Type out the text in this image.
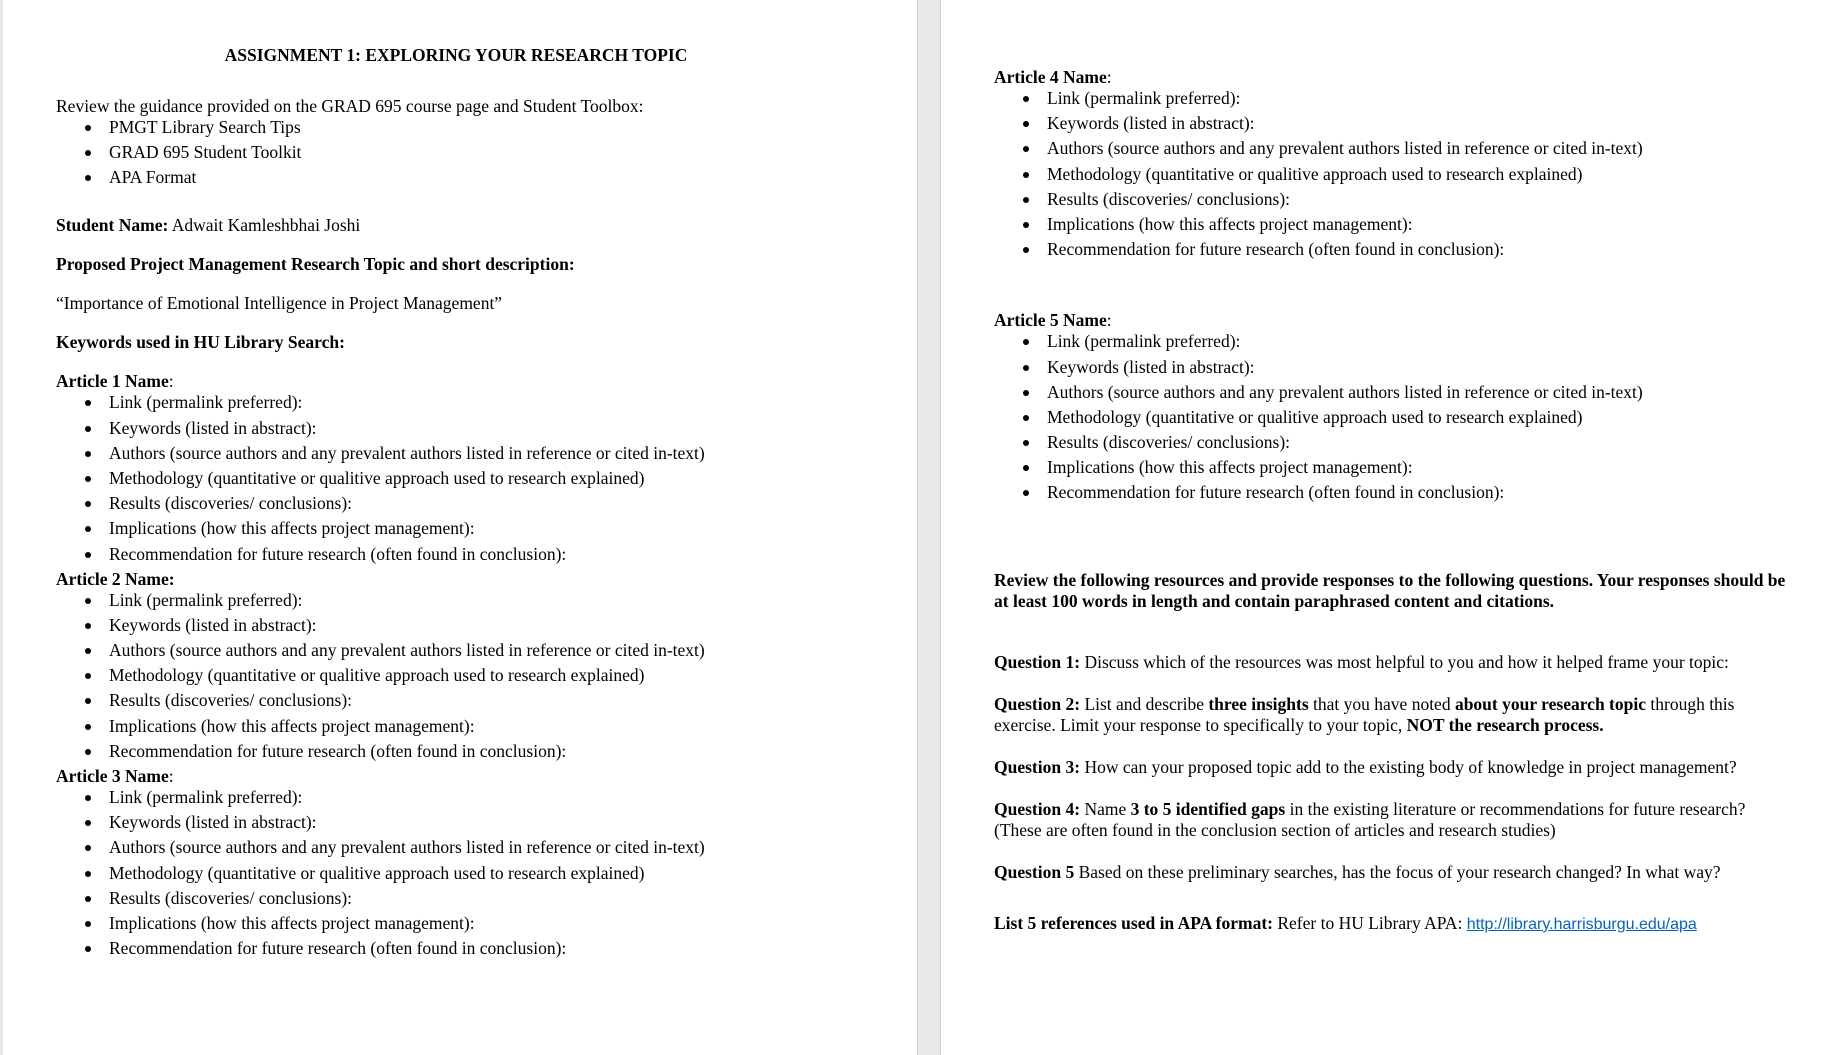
ASSIGNMENT 1: EXPLORING YOUR RESEARCH TOPIC

Review the guidance provided on the GRAD 695 course page and Student Toolbox:

PMGT Library Search Tips
GRAD 695 Student Toolkit
APA Format

Student Name: Adwait Kamleshbhai Joshi

Proposed Project Management Research Topic and short description:

“Importance of Emotional Intelligence in Project Management”

Keywords used in HU Library Search:

Article 1 Name:

Link (permalink preferred):
Keywords (listed in abstract):
Authors (source authors and any prevalent authors listed in reference or cited in-text)
Methodology (quantitative or qualitive approach used to research explained)
Results (discoveries/ conclusions):
Implications (how this affects project management):
Recommendation for future research (often found in conclusion):

Article 2 Name:

Link (permalink preferred):
Keywords (listed in abstract):
Authors (source authors and any prevalent authors listed in reference or cited in-text)
Methodology (quantitative or qualitive approach used to research explained)
Results (discoveries/ conclusions):
Implications (how this affects project management):
Recommendation for future research (often found in conclusion):

Article 3 Name:

Link (permalink preferred):
Keywords (listed in abstract):
Authors (source authors and any prevalent authors listed in reference or cited in-text)
Methodology (quantitative or qualitive approach used to research explained)
Results (discoveries/ conclusions):
Implications (how this affects project management):
Recommendation for future research (often found in conclusion):

Article 4 Name:

Link (permalink preferred):
Keywords (listed in abstract):
Authors (source authors and any prevalent authors listed in reference or cited in-text)
Methodology (quantitative or qualitive approach used to research explained)
Results (discoveries/ conclusions):
Implications (how this affects project management):
Recommendation for future research (often found in conclusion):

Article 5 Name:

Link (permalink preferred):
Keywords (listed in abstract):
Authors (source authors and any prevalent authors listed in reference or cited in-text)
Methodology (quantitative or qualitive approach used to research explained)
Results (discoveries/ conclusions):
Implications (how this affects project management):
Recommendation for future research (often found in conclusion):

Review the following resources and provide responses to the following questions. Your responses should be at least 100 words in length and contain paraphrased content and citations.

Question 1: Discuss which of the resources was most helpful to you and how it helped frame your topic:

Question 2: List and describe three insights that you have noted about your research topic through this exercise. Limit your response to specifically to your topic, NOT the research process.

Question 3: How can your proposed topic add to the existing body of knowledge in project management?

Question 4: Name 3 to 5 identified gaps in the existing literature or recommendations for future research? (These are often found in the conclusion section of articles and research studies)

Question 5 Based on these preliminary searches, has the focus of your research changed? In what way?

List 5 references used in APA format: Refer to HU Library APA: http://library.harrisburgu.edu/apa
